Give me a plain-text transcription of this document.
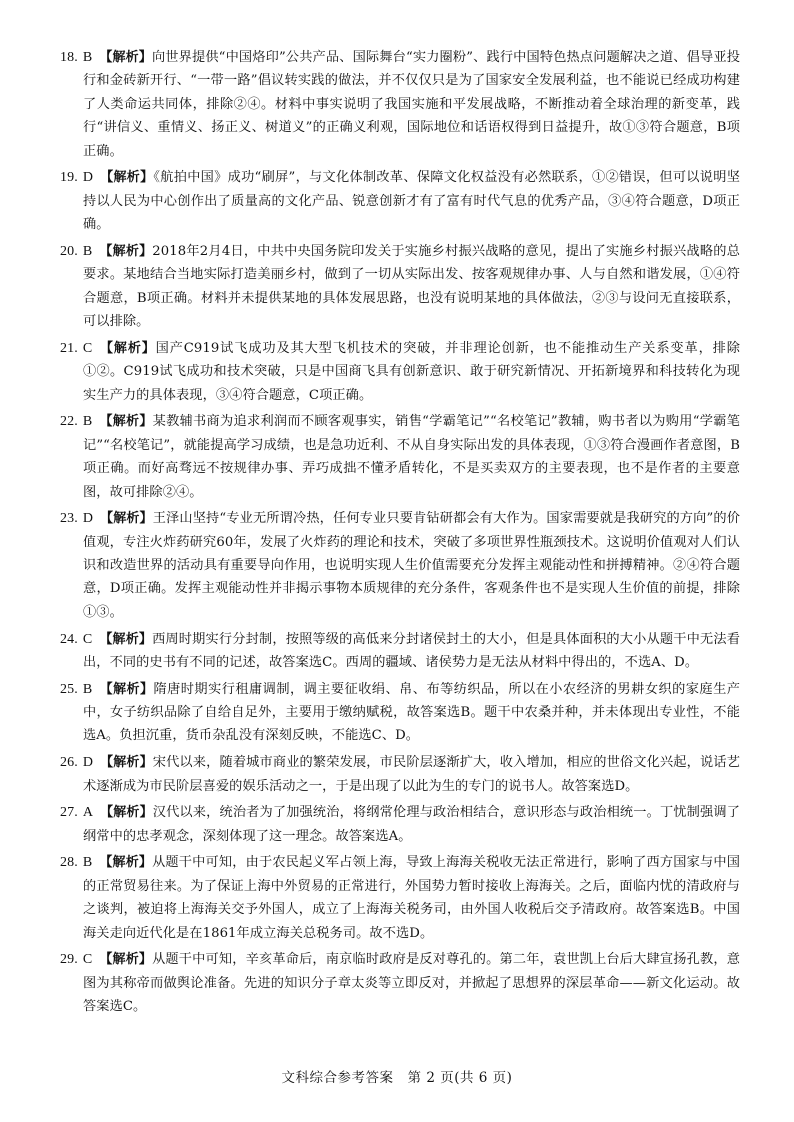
18. B 【解析】向世界提供“中国烙印”公共产品、国际舞台“实力圈粉”、践行中国特色热点问题解决之道、倡导亚投行和金砖新开行、“一带一路”倡议转实践的做法，并不仅仅只是为了国家安全发展利益，也不能说已经成功构建了人类命运共同体，排除②④。材料中事实说明了我国实施和平发展战略，不断推动着全球治理的新变革，践行“讲信义、重情义、扬正义、树道义”的正确义利观，国际地位和话语权得到日益提升，故①③符合题意，B项正确。

19. D 【解析】《航拍中国》成功“刷屏”，与文化体制改革、保障文化权益没有必然联系，①②错误，但可以说明坚持以人民为中心创作出了质量高的文化产品、锐意创新才有了富有时代气息的优秀产品，③④符合题意，D项正确。

20. B 【解析】2018年2月4日，中共中央国务院印发关于实施乡村振兴战略的意见，提出了实施乡村振兴战略的总要求。某地结合当地实际打造美丽乡村，做到了一切从实际出发、按客观规律办事、人与自然和谐发展，①④符合题意，B项正确。材料并未提供某地的具体发展思路，也没有说明某地的具体做法，②③与设问无直接联系，可以排除。

21. C 【解析】国产C919试飞成功及其大型飞机技术的突破，并非理论创新，也不能推动生产关系变革，排除①②。C919试飞成功和技术突破，只是中国商飞具有创新意识、敢于研究新情况、开拓新境界和科技转化为现实生产力的具体表现，③④符合题意，C项正确。

22. B 【解析】某教辅书商为追求利润而不顾客观事实，销售“学霸笔记”“名校笔记”教辅，购书者以为购用“学霸笔记”“名校笔记”，就能提高学习成绩，也是急功近利、不从自身实际出发的具体表现，①③符合漫画作者意图，B项正确。而好高骛远不按规律办事、弄巧成拙不懂矛盾转化，不是买卖双方的主要表现，也不是作者的主要意图，故可排除②④。

23. D 【解析】王泽山坚持“专业无所谓冷热，任何专业只要肯钻研都会有大作为。国家需要就是我研究的方向”的价值观，专注火炸药研究60年，发展了火炸药的理论和技术，突破了多项世界性瓶颈技术。这说明价值观对人们认识和改造世界的活动具有重要导向作用，也说明实现人生价值需要充分发挥主观能动性和拼搏精神。②④符合题意，D项正确。发挥主观能动性并非揭示事物本质规律的充分条件，客观条件也不是实现人生价值的前提，排除①③。

24. C 【解析】西周时期实行分封制，按照等级的高低来分封诸侯封土的大小，但是具体面积的大小从题干中无法看出，不同的史书有不同的记述，故答案选C。西周的疆域、诸侯势力是无法从材料中得出的，不选A、D。

25. B 【解析】隋唐时期实行租庸调制，调主要征收绢、帛、布等纺织品，所以在小农经济的男耕女织的家庭生产中，女子纺织品除了自给自足外，主要用于缴纳赋税，故答案选B。题干中农桑并种，并未体现出专业性，不能选A。负担沉重，货币杂乱没有深刻反映，不能选C、D。

26. D 【解析】宋代以来，随着城市商业的繁荣发展，市民阶层逐渐扩大，收入增加，相应的世俗文化兴起，说话艺术逐渐成为市民阶层喜爱的娱乐活动之一，于是出现了以此为生的专门的说书人。故答案选D。

27. A 【解析】汉代以来，统治者为了加强统治，将纲常伦理与政治相结合，意识形态与政治相统一。丁忧制强调了纲常中的忠孝观念，深刻体现了这一理念。故答案选A。

28. B 【解析】从题干中可知，由于农民起义军占领上海，导致上海海关税收无法正常进行，影响了西方国家与中国的正常贸易往来。为了保证上海中外贸易的正常进行，外国势力暂时接收上海海关。之后，面临内忧的清政府与之谈判，被迫将上海海关交予外国人，成立了上海海关税务司，由外国人收税后交予清政府。故答案选B。中国海关走向近代化是在1861年成立海关总税务司。故不选D。

29. C 【解析】从题干中可知，辛亥革命后，南京临时政府是反对尊孔的。第二年，袁世凯上台后大肆宣扬孔教，意图为其称帝而做舆论准备。先进的知识分子章太炎等立即反对，并掀起了思想界的深层革命——新文化运动。故答案选C。

文科综合参考答案　第 2 页(共 6 页)
